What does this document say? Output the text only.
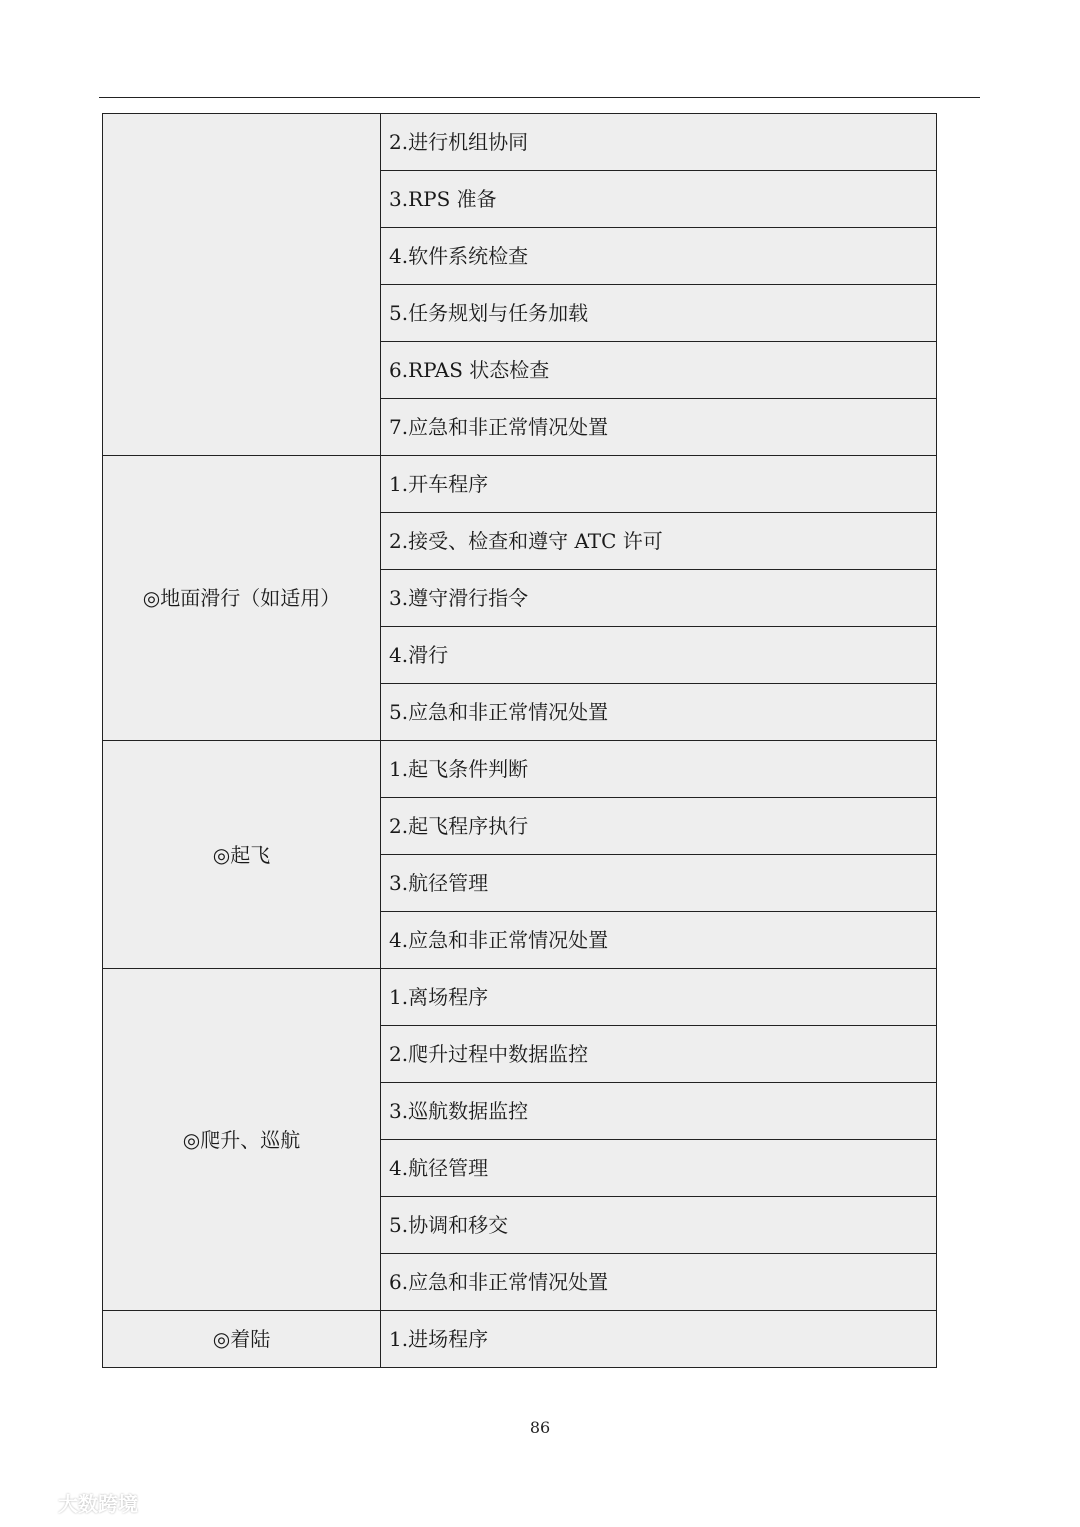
	2.进行机组协同
	3.RPS 准备
	4.软件系统检查
	5.任务规划与任务加载
	6.RPAS 状态检查
	7.应急和非正常情况处置
◎地面滑行（如适用）	1.开车程序
	2.接受、检查和遵守 ATC 许可
	3.遵守滑行指令
	4.滑行
	5.应急和非正常情况处置
◎起飞	1.起飞条件判断
	2.起飞程序执行
	3.航径管理
	4.应急和非正常情况处置
◎爬升、巡航	1.离场程序
	2.爬升过程中数据监控
	3.巡航数据监控
	4.航径管理
	5.协调和移交
	6.应急和非正常情况处置
◎着陆	1.进场程序
86
大数跨境
